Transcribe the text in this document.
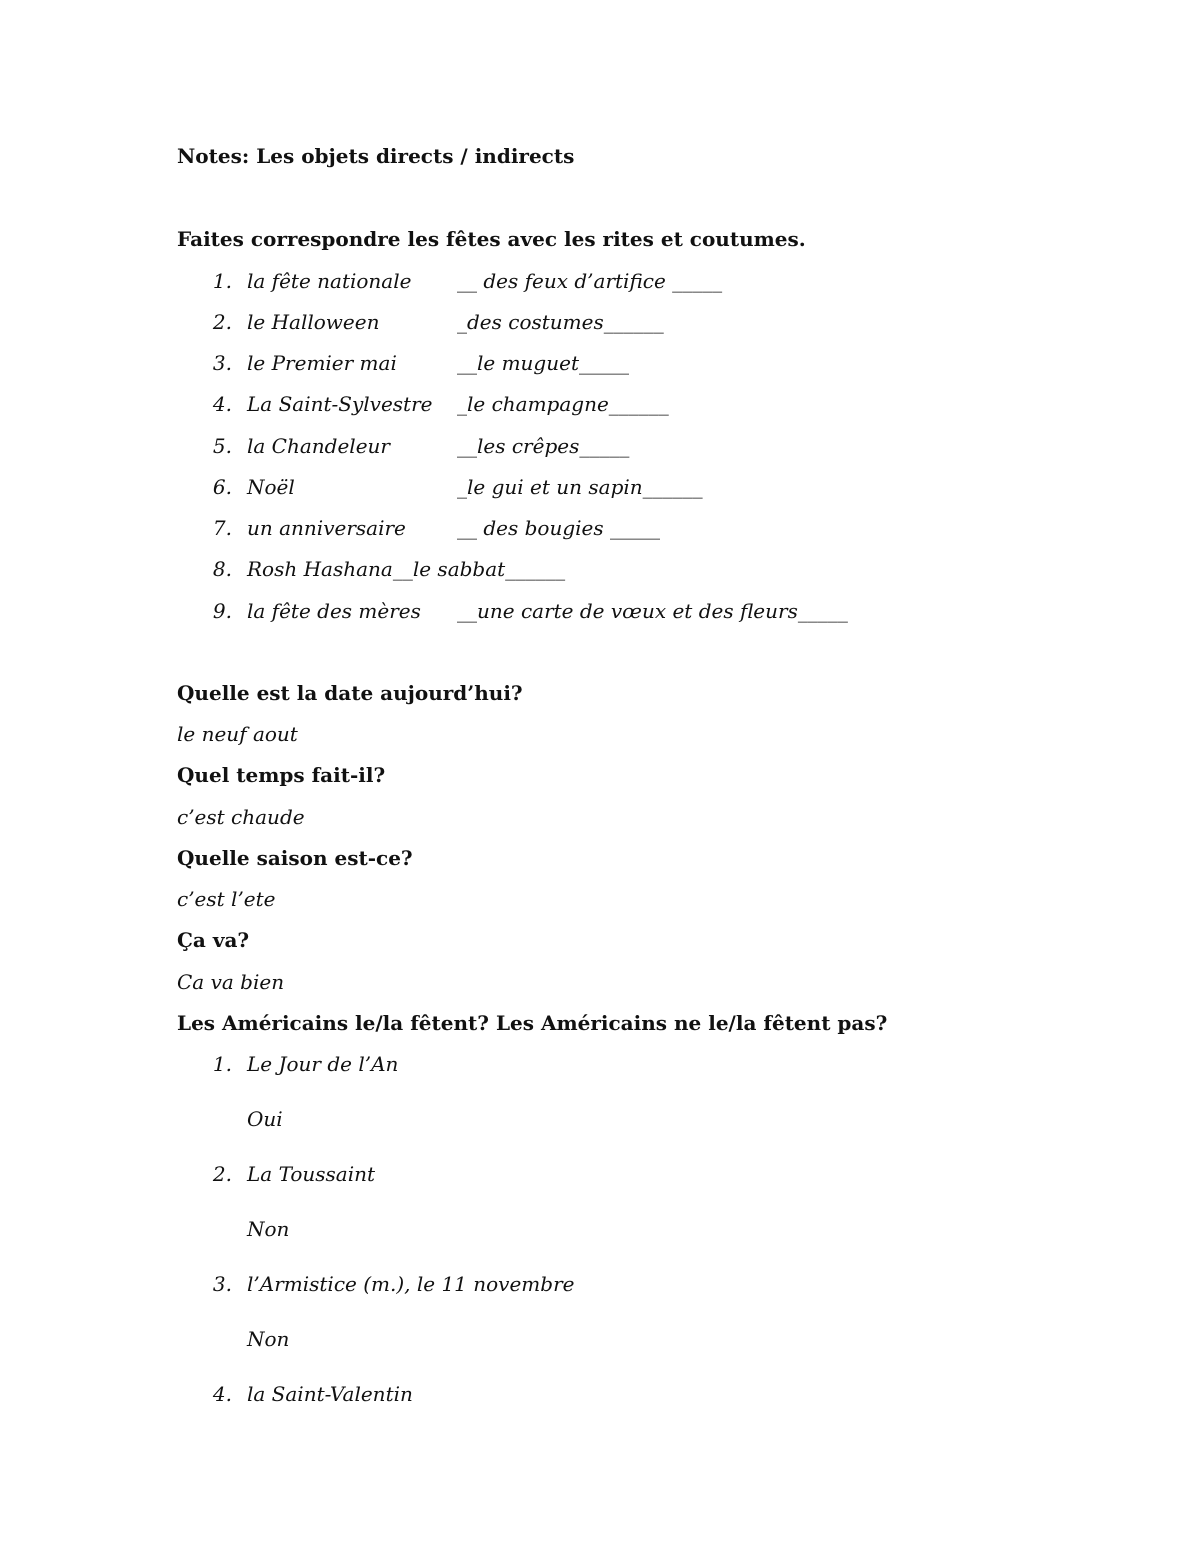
Notes: Les objets directs / indirects
Faites correspondre les fêtes avec les rites et coutumes.
1. la fête nationale __ des feux d’artifice _____
2. le Halloween	_des costumes______
3. le Premier mai	__le muguet_____
4. La Saint-Sylvestre _le champagne______
5. la Chandeleur	__les crêpes_____
6. Noël	_le gui et un sapin______
7. un anniversaire	__ des bougies _____
8. Rosh Hashana__le sabbat______
9. la fête des mères __une carte de vœux et des fleurs_____
Quelle est la date aujourd’hui?
le neuf aout
Quel temps fait-il?
c’est chaude
Quelle saison est-ce?
c’est l’ete
Ça va?
Ca va bien
Les Américains le/la fêtent? Les Américains ne le/la fêtent pas?
1. Le Jour de l’An
Oui
2. La Toussaint
Non
3. l’Armistice (m.), le 11 novembre
Non
4. la Saint-Valentin
